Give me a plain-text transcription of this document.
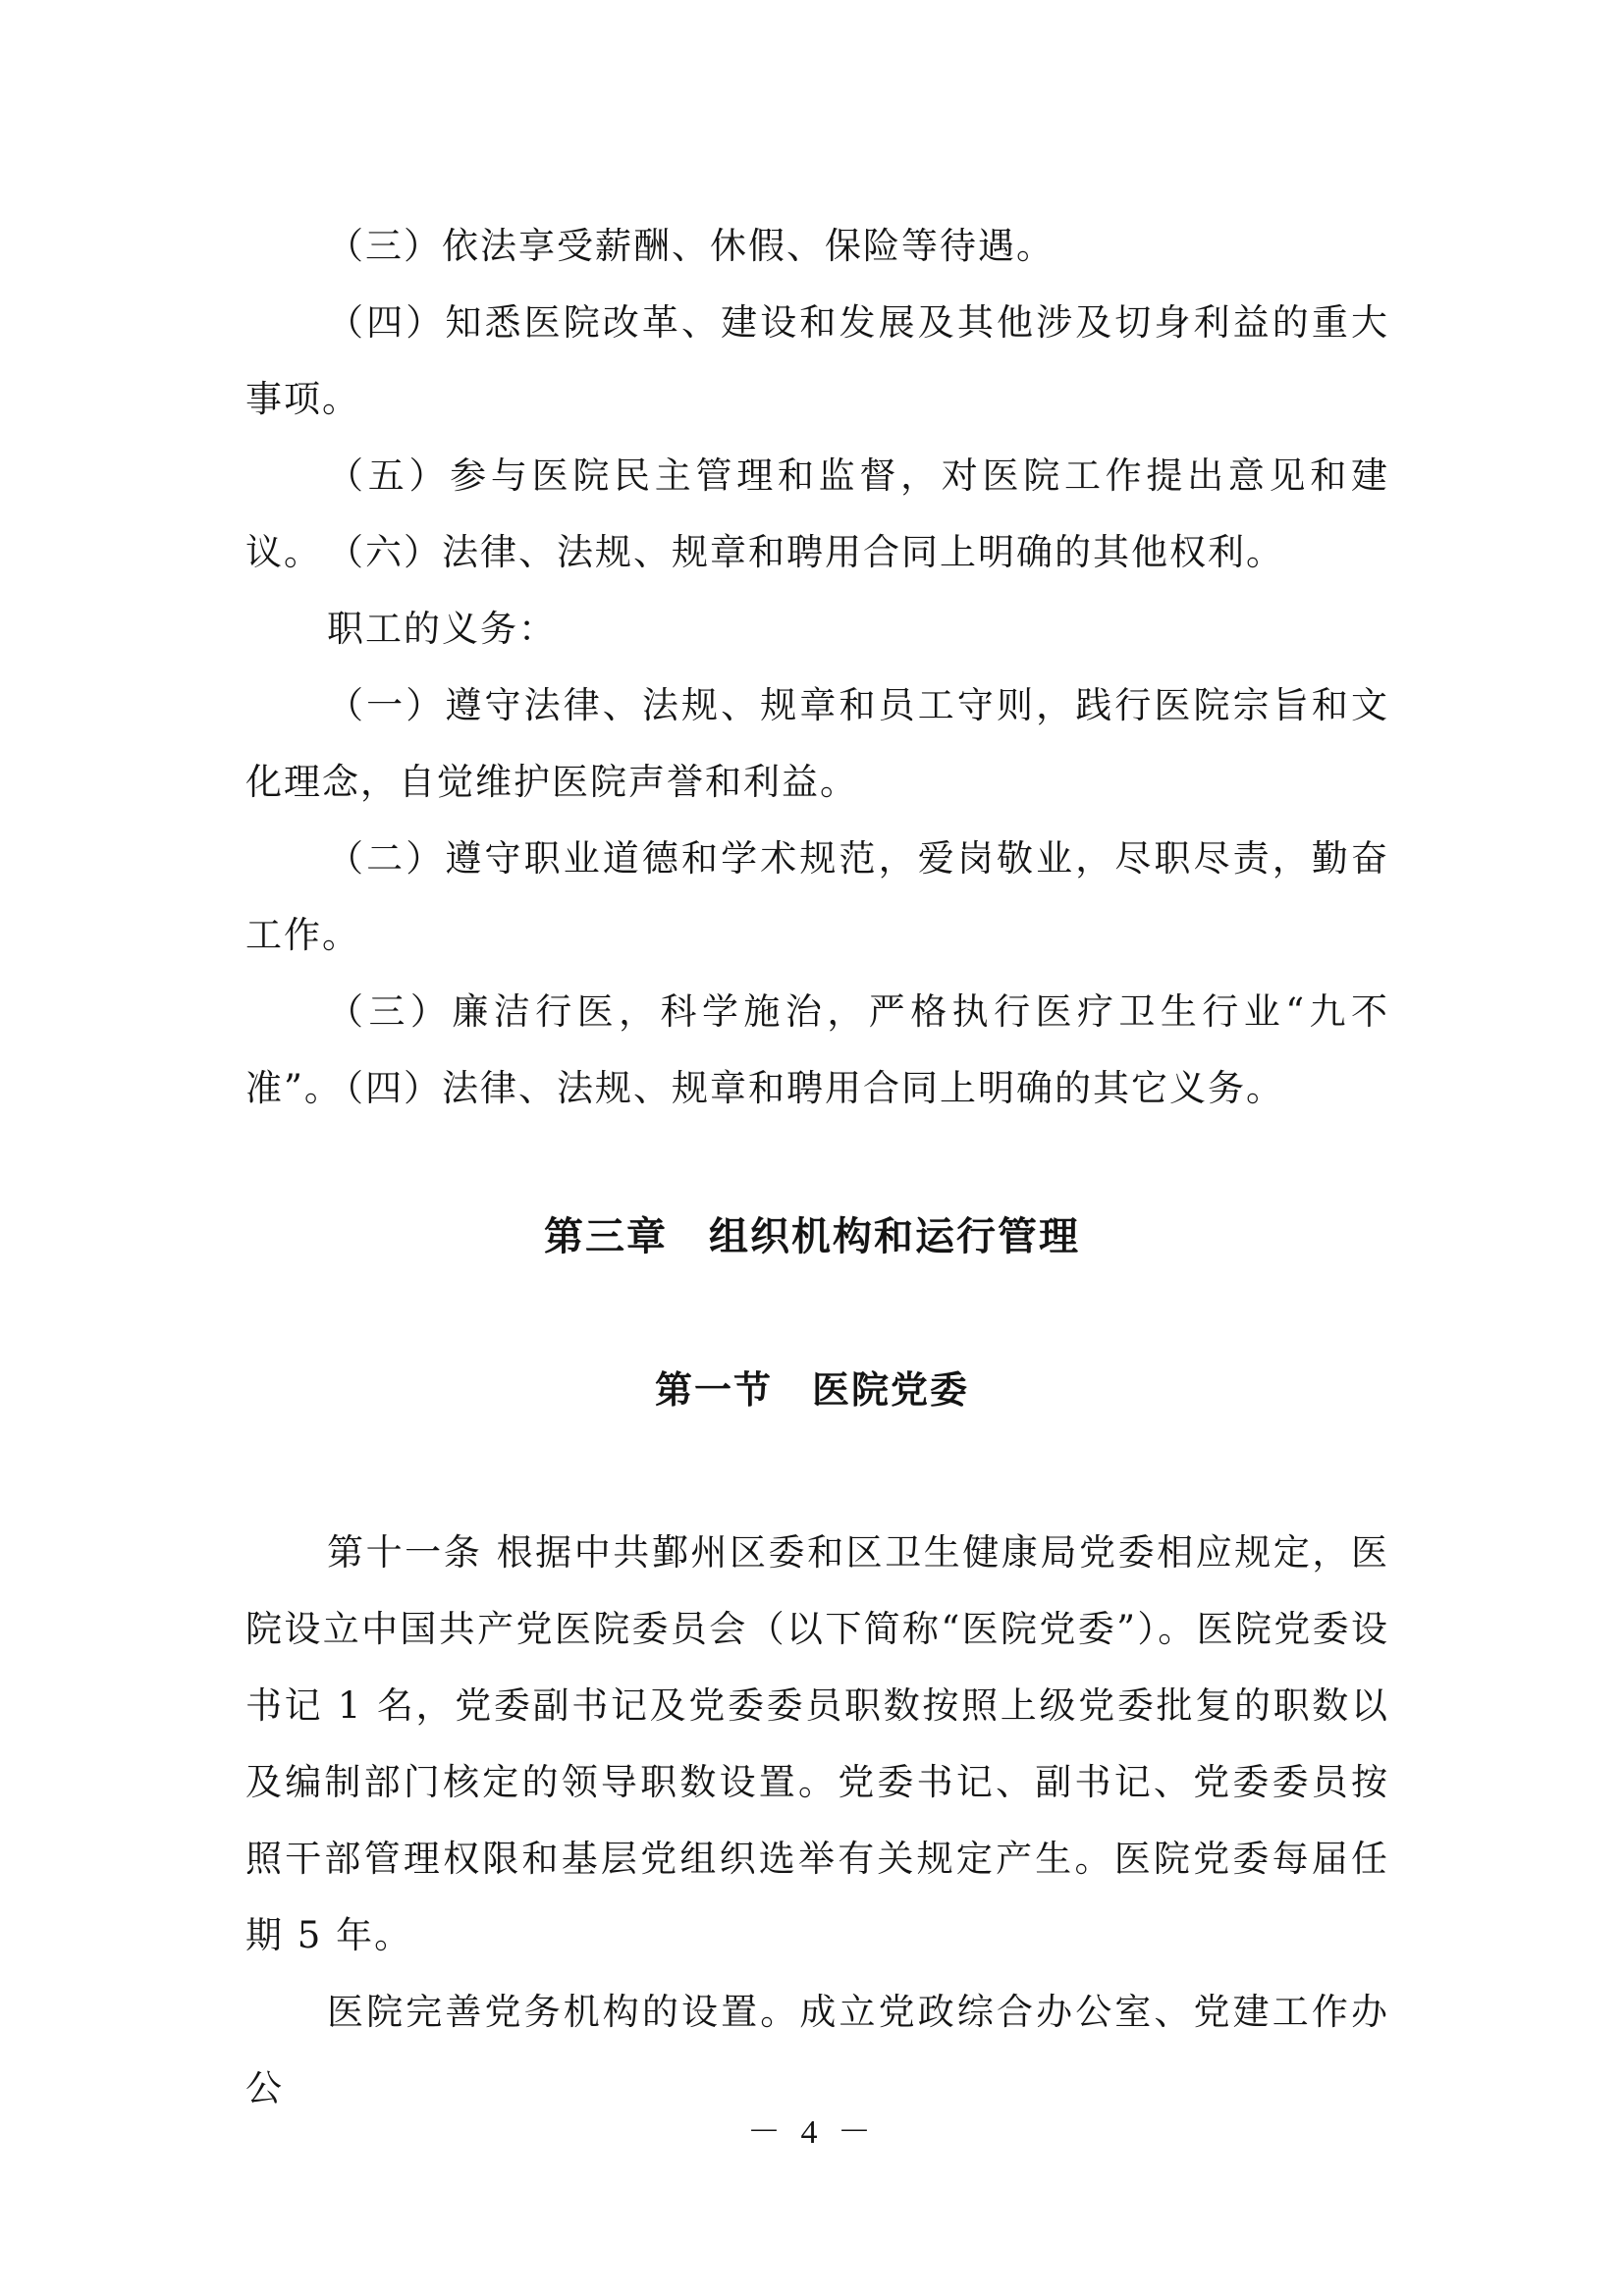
（三）依法享受薪酬、休假、保险等待遇。

（四）知悉医院改革、建设和发展及其他涉及切身利益的重大事项。

（五）参与医院民主管理和监督，对医院工作提出意见和建议。 （六）法律、法规、规章和聘用合同上明确的其他权利。

职工的义务：

（一）遵守法律、法规、规章和员工守则，践行医院宗旨和文化理念，自觉维护医院声誉和利益。

（二）遵守职业道德和学术规范，爱岗敬业，尽职尽责，勤奋工作。

（三）廉洁行医，科学施治，严格执行医疗卫生行业“九不准”。

（四）法律、法规、规章和聘用合同上明确的其它义务。

第三章　组织机构和运行管理
第一节　医院党委

第十一条 根据中共鄞州区委和区卫生健康局党委相应规定，医院设立中国共产党医院委员会（以下简称“医院党委”）。医院党委设书记 1 名，党委副书记及党委委员职数按照上级党委批复的职数以及编制部门核定的领导职数设置。党委书记、副书记、党委委员按照干部管理权限和基层党组织选举有关规定产生。医院党委每届任期 5 年。

医院完善党务机构的设置。成立党政综合办公室、党建工作办公

－ 4 －
